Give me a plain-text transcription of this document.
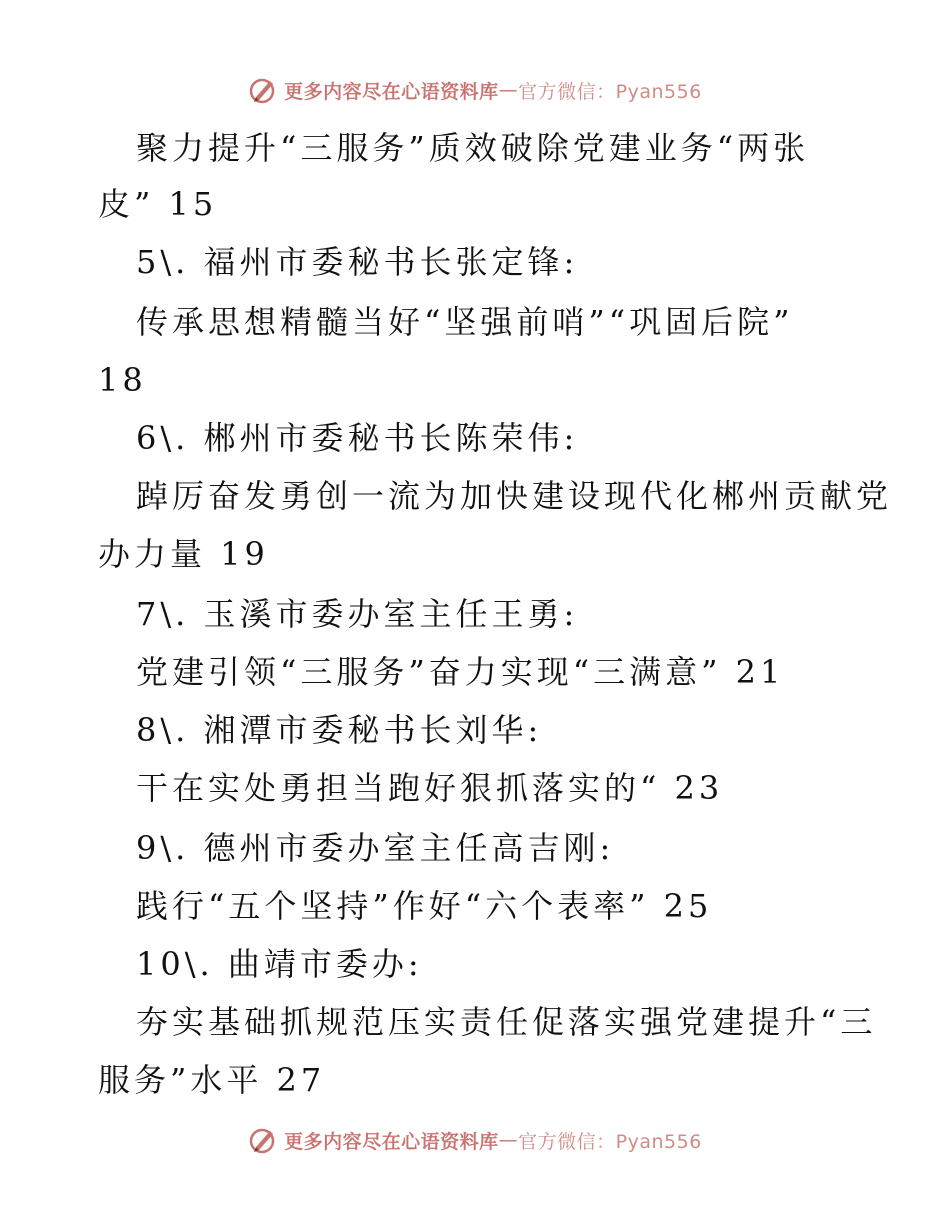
更多内容尽在心语资料库 — 官方微信：Pyan556
聚力提升“三服务”质效破除党建业务“两张
皮” 15
5\. 福州市委秘书长张定锋:
传承思想精髓当好“坚强前哨”“巩固后院”
18
6\. 郴州市委秘书长陈荣伟:
踔厉奋发勇创一流为加快建设现代化郴州贡献党
办力量 19
7\. 玉溪市委办室主任王勇:
党建引领“三服务”奋力实现“三满意” 21
8\. 湘潭市委秘书长刘华:
干在实处勇担当跑好狠抓落实的“ 23
9\. 德州市委办室主任高吉刚:
践行“五个坚持”作好“六个表率” 25
10\. 曲靖市委办:
夯实基础抓规范压实责任促落实强党建提升“三
服务”水平 27
更多内容尽在心语资料库 — 官方微信：Pyan556
